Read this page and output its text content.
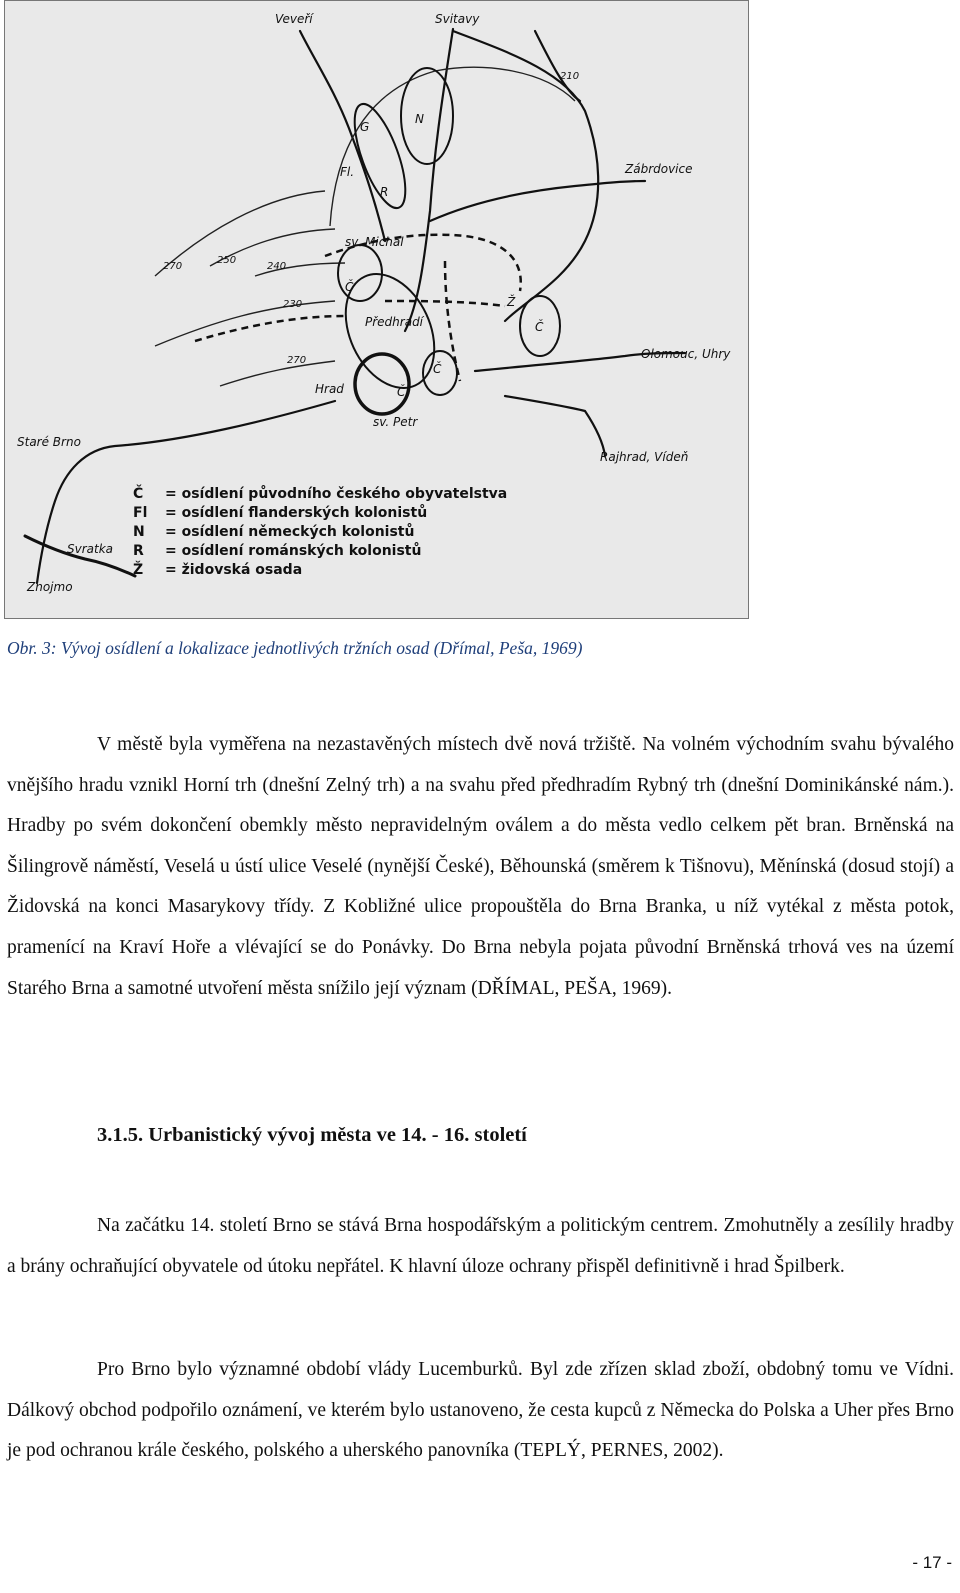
Svitavy
Veveří
Zábrdovice
sv. Michal
Předhradí
Hrad
sv. Petr
Staré Brno
Znojmo
Svratka
Olomouc, Uhry
Rajhrad, Vídeň
Č
Č
Č
Č
Fl.
G
N
R
Ž
270
250
240
230
270
210
Č = osídlení původního českého obyvatelstva
Fl = osídlení flanderských kolonistů
N = osídlení německých kolonistů
R = osídlení románských kolonistů
Ž = židovská osada
Obr. 3: Vývoj osídlení a lokalizace jednotlivých tržních osad (Dřímal, Peša, 1969)

V městě byla vyměřena na nezastavěných místech dvě nová tržiště. Na volném východním svahu bývalého vnějšího hradu vznikl Horní trh (dnešní Zelný trh) a na svahu před předhradím Rybný trh (dnešní Dominikánské nám.). Hradby po svém dokončení obemkly město nepravidelným oválem a do města vedlo celkem pět bran. Brněnská na Šilingrově náměstí, Veselá u ústí ulice Veselé (nynější České), Běhounská (směrem k Tišnovu), Měnínská (dosud stojí) a Židovská na konci Masarykovy třídy. Z Kobližné ulice propouštěla do Brna Branka, u níž vytékal z města potok, pramenící na Kraví Hoře a vlévající se do Ponávky. Do Brna nebyla pojata původní Brněnská trhová ves na území Starého Brna a samotné utvoření města snížilo její význam (DŘÍMAL, PEŠA, 1969).

3.1.5. Urbanistický vývoj města ve 14. - 16. století

Na začátku 14. století Brno se stává Brna hospodářským a politickým centrem. Zmohutněly a zesílily hradby a brány ochraňující obyvatele od útoku nepřátel. K hlavní úloze ochrany přispěl definitivně i hrad Špilberk.

Pro Brno bylo významné období vlády Lucemburků. Byl zde zřízen sklad zboží, obdobný tomu ve Vídni. Dálkový obchod podpořilo oznámení, ve kterém bylo ustanoveno, že cesta kupců z Německa do Polska a Uher přes Brno je pod ochranou krále českého, polského a uherského panovníka (TEPLÝ, PERNES, 2002).

- 17 -
